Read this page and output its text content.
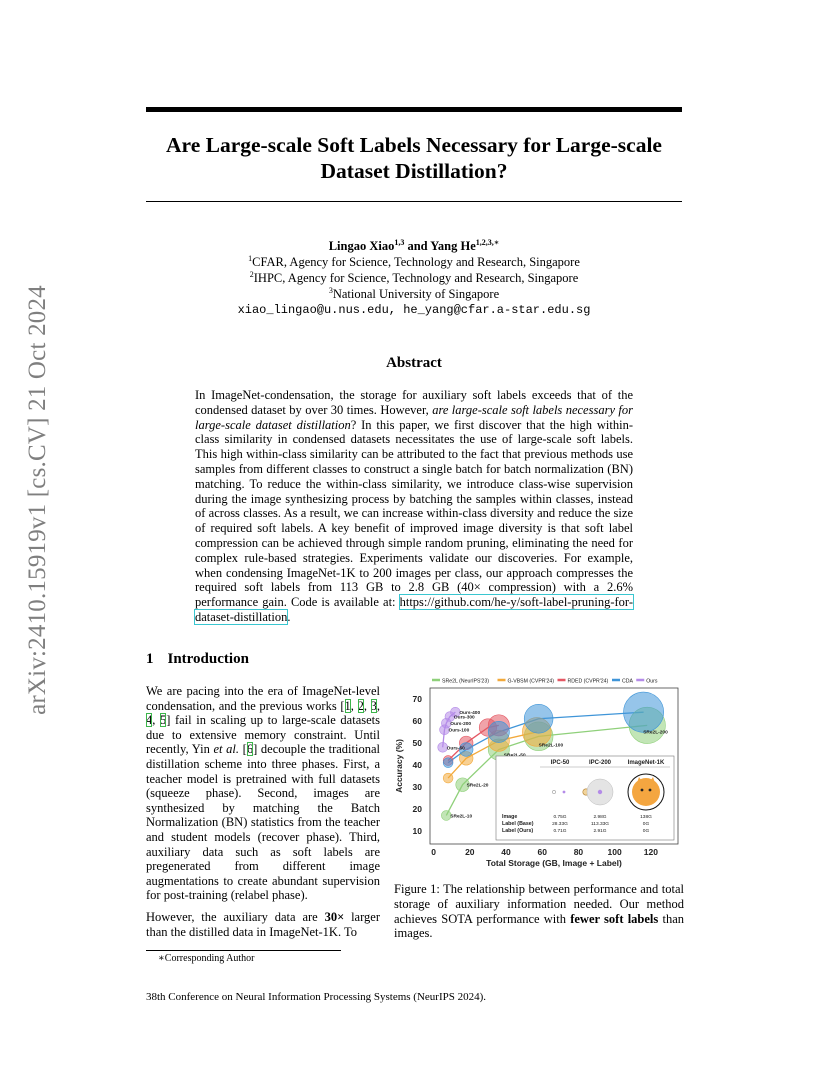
Are Large-scale Soft Labels Necessary for Large-scale
Dataset Distillation?
arXiv:2410.15919v1 [cs.CV] 21 Oct 2024
Lingao Xiao$^{1,3}$ and Yang $He^{1,2,3,∗}$
$^1$CFAR, Agency for Science, Technology and Research, Singapore
$^2$IHPC, Agency for Science, Technology and Research, Singapore
$^3$National University of Singapore
xiao_lingao@u.nus.edu, he_yang@cfar.a-star.edu.sg
Abstract
In ImageNet-condensation, the storage for auxiliary soft labels exceeds that of the condensed dataset by over 30 times. However, are large-scale soft labels necessary for large-scale dataset distillation? In this paper, we first discover that the high within-class similarity in condensed datasets necessitates the use of large-scale soft labels. This high within-class similarity can be attributed to the fact that previous methods use samples from different classes to construct a single batch for batch normalization (BN) matching. To reduce the within-class similarity, we introduce class-wise supervision during the image synthesizing process by batching the samples within classes, instead of across classes. As a result, we can increase within-class diversity and reduce the size of required soft labels. A key benefit of improved image diversity is that soft label compression can be achieved through simple random pruning, eliminating the need for complex rule-based strategies. Experiments validate our discoveries. For example, when condensing ImageNet-1K to 200 images per class, our approach compresses the required soft labels from 113 GB to 2.8 GB (40× compression) with a 2.6% performance gain. Code is available at: https://github.com/he-y/soft-label-pruning-for-dataset-distillation.
1 Introduction

We are pacing into the era of ImageNet-level condensation, and the previous works [1, 2, 3, 4, 5] fail in scaling up to large-scale datasets due to extensive memory constraint. Until recently, Yin et al. [6] decouple the traditional distillation scheme into three phases. First, a teacher model is pretrained with full datasets (squeeze phase). Second, images are synthesized by matching the Batch Normalization (BN) statistics from the teacher and student models (recover phase). Third, auxiliary data such as soft labels are pregenerated from different image augmentations to create abundant supervision for post-training (relabel phase).

However, the auxiliary data are 30× larger than the distilled data in ImageNet-1K. To

SRe2L (NeurIPS'23)	G-VBSM (CVPR'24)	RDED (CVPR'24)	CDA	Ours
0	20	40	60	80	100	120
10
20
30
40
50
60
70
Total Storage (GB, Image + Label)
Accuracy (%)
SRe2L-10
SRe2L-20
SRe2L-100
SRe2L-200
Ours-50
Ours-100
Ours-200
Ours-300
Ours-400
IPC-50	IPC-200	ImageNet-1K
Image	0.75G	2.98G	138G
Label (Base)	28.33G	113.33G	0G
Label (Ours)	0.71G	2.91G	0G
Figure 1: The relationship between performance and total storage of auxiliary information needed. Our method achieves SOTA performance with fewer soft labels than images.
∗Corresponding Author
38th Conference on Neural Information Processing Systems (NeurIPS 2024).
